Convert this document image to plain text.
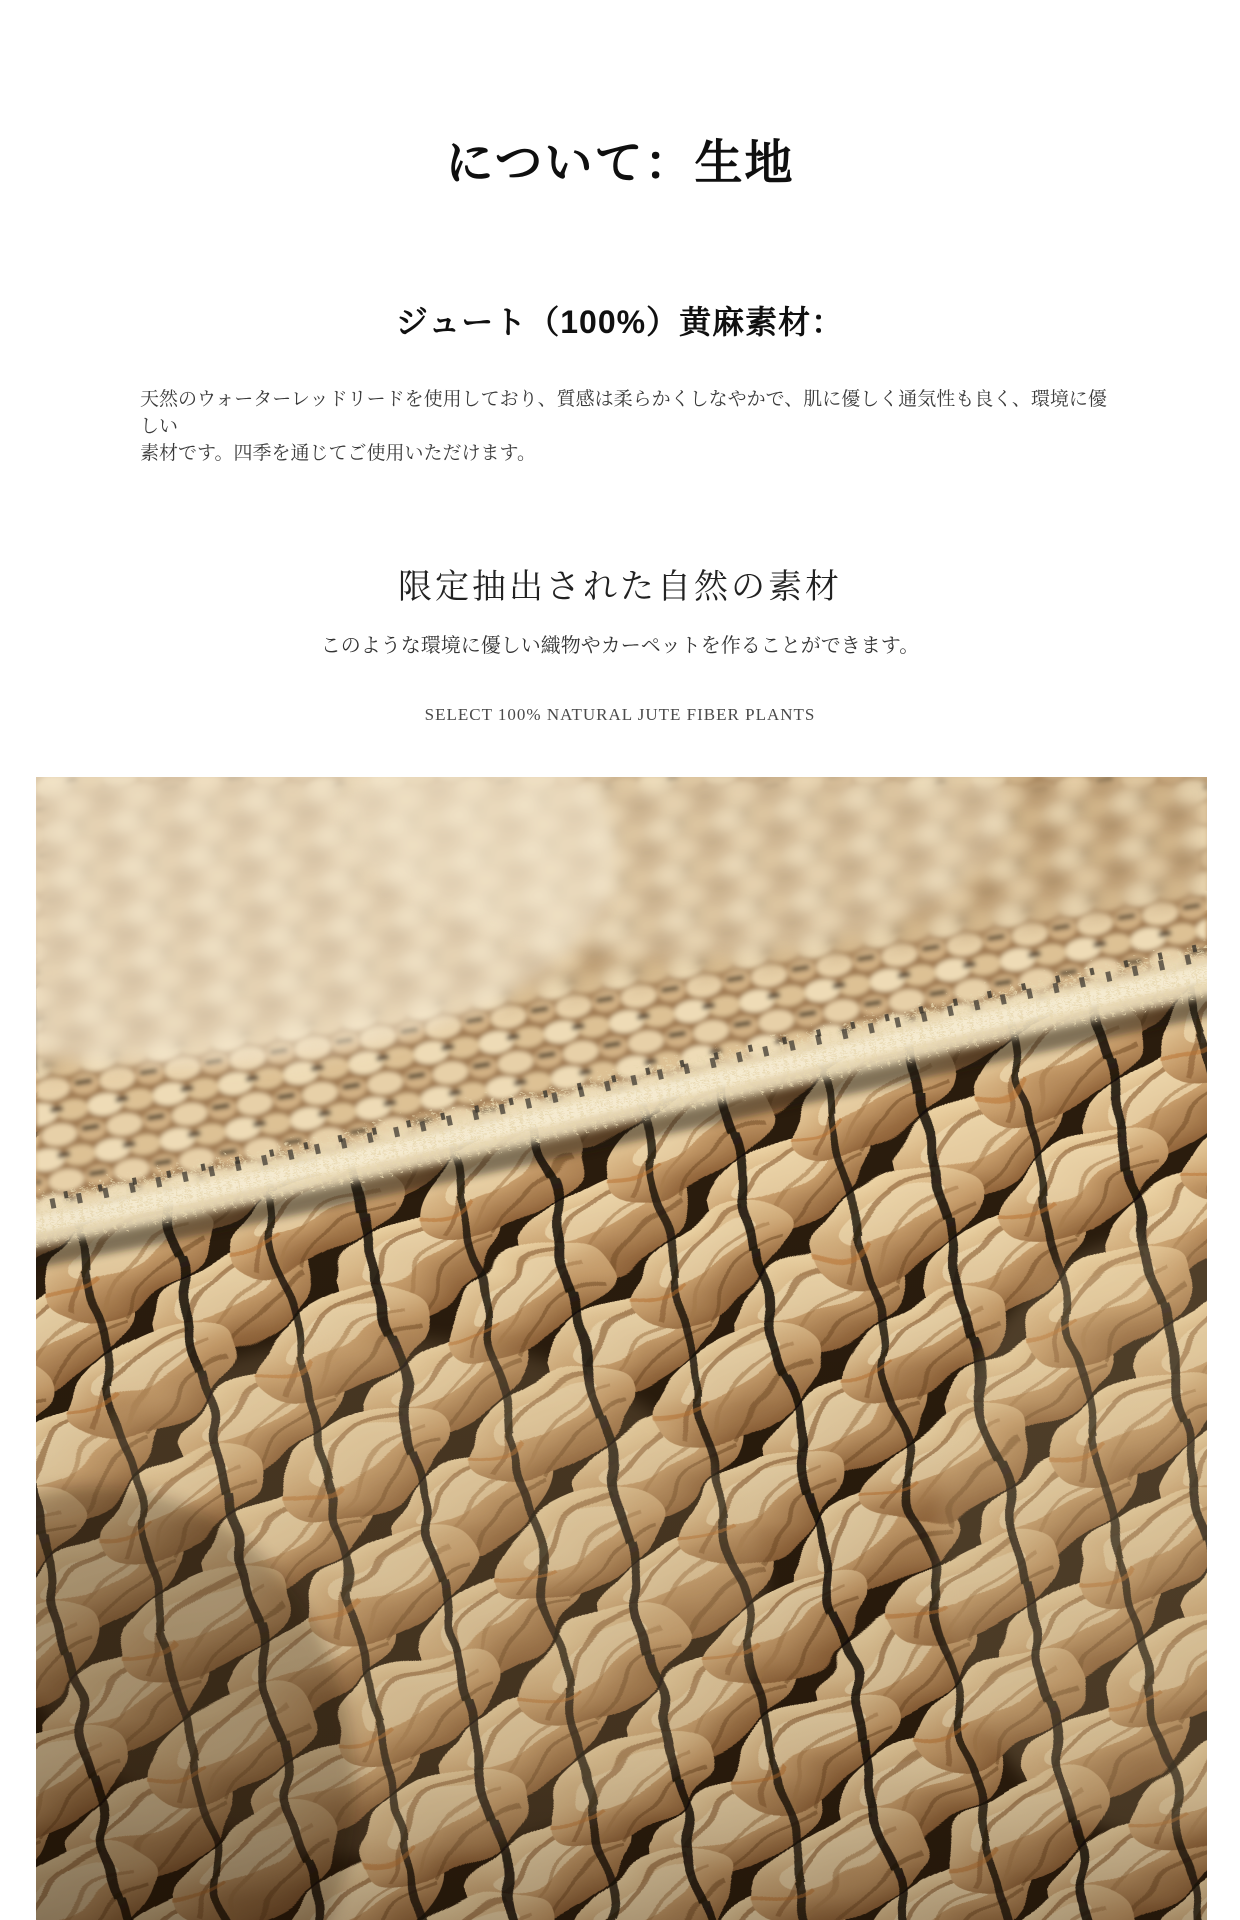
について：生地
ジュート（100%）黄麻素材：

天然のウォーターレッドリードを使用しており、質感は柔らかくしなやかで、肌に優しく通気性も良く、環境に優しい
素材です。四季を通じてご使用いただけます。

限定抽出された自然の素材

このような環境に優しい織物やカーペットを作ることができます。

SELECT 100% NATURAL JUTE FIBER PLANTS
